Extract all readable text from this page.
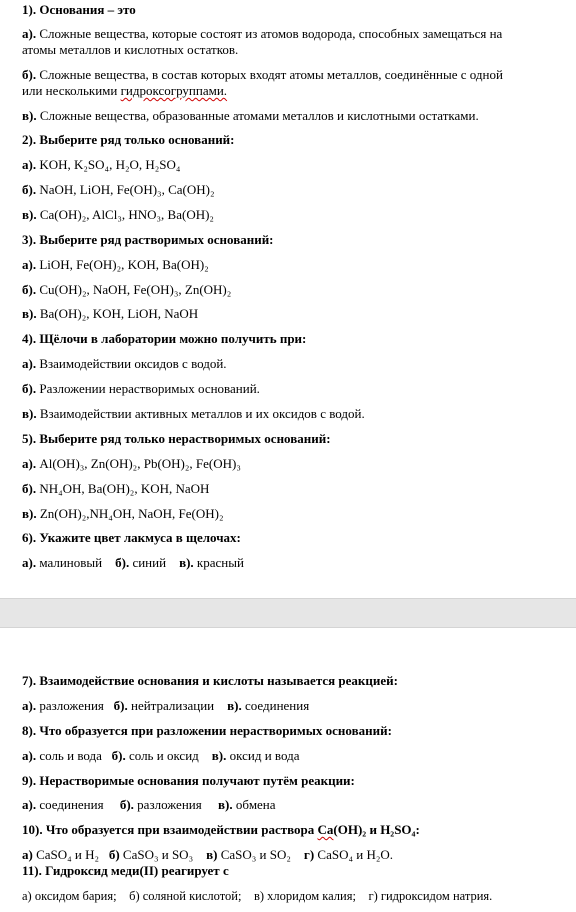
1). Основания – это
а). Сложные вещества, которые состоят из атомов водорода, способных замещаться на
атомы металлов и кислотных остатков.
б). Сложные вещества, в состав которых входят атомы металлов, соединённые с одной
или несколькими гидроксогруппами.
в). Сложные вещества, образованные атомами металлов и кислотными остатками.
2). Выберите ряд только оснований:
а). KOH, K₂SO₄, H₂O, H₂SO₄
б). NaOH, LiOH, Fe(OH)₃, Ca(OH)₂
в). Ca(OH)₂, AlCl₃, HNO₃, Ba(OH)₂
3). Выберите ряд растворимых оснований:
а). LiOH, Fe(OH)₂, KOH, Ba(OH)₂
б). Cu(OH)₂, NaOH, Fe(OH)₃, Zn(OH)₂
в). Ba(OH)₂, KOH, LiOH, NaOH
4). Щёлочи в лаборатории можно получить при:
а). Взаимодействии оксидов с водой.
б). Разложении нерастворимых оснований.
в). Взаимодействии активных металлов и их оксидов с водой.
5). Выберите ряд только нерастворимых оснований:
а). Al(OH)₃, Zn(OH)₂, Pb(OH)₂, Fe(OH)₃
б). NH₄OH, Ba(OH)₂, KOH, NaOH
в). Zn(OH)₂,NH₄OH, NaOH, Fe(OH)₂
6). Укажите цвет лакмуса в щелочах:
а). малиновый б). синий в). красный
7). Взаимодействие основания и кислоты называется реакцией:
а). разложения б). нейтрализации в). соединения
8). Что образуется при разложении нерастворимых оснований:
а). соль и вода б). соль и оксид в). оксид и вода
9). Нерастворимые основания получают путём реакции:
а). соединения б). разложения в). обмена
10). Что образуется при взаимодействии раствора Ca(OH)₂ и H₂SO₄:
а) CaSO₄ и H₂ б) CaSO₃ и SO₃ в) CaSO₃ и SO₂ г) CaSO₄ и H₂O.
11). Гидроксид меди(II) реагирует с
а) оксидом бария; б) соляной кислотой; в) хлоридом калия; г) гидроксидом натрия.
